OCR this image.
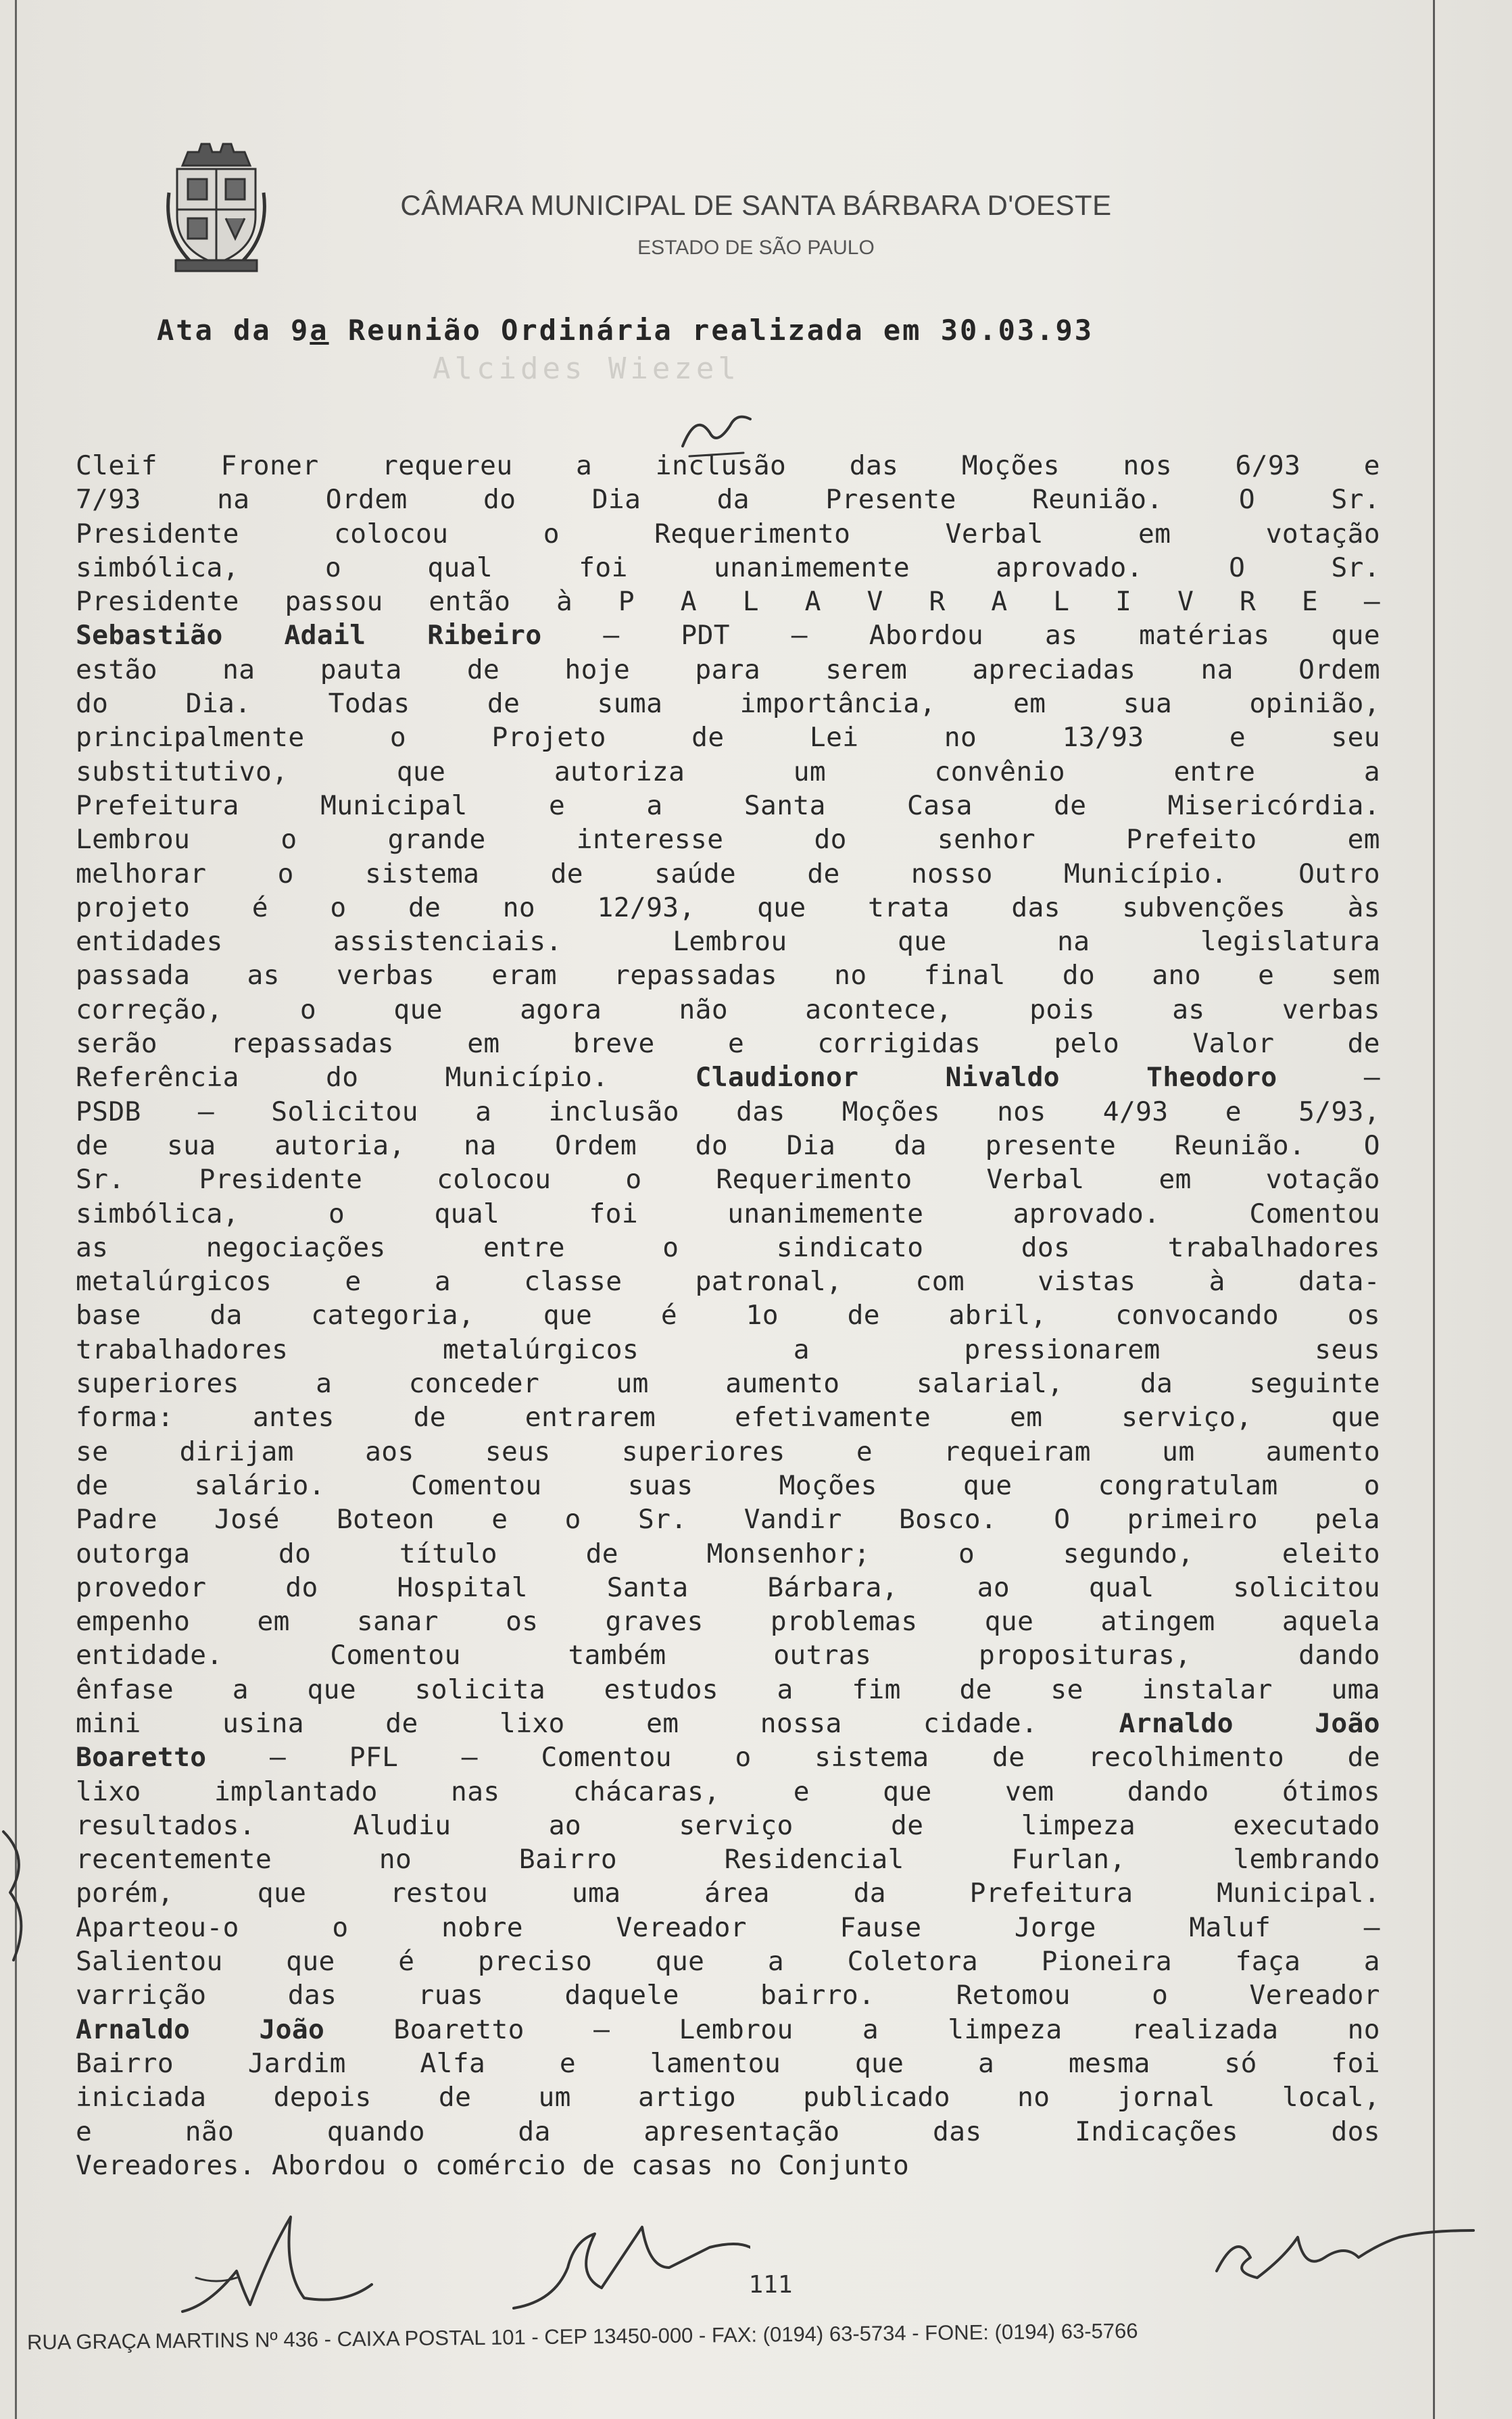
CÂMARA MUNICIPAL DE SANTA BÁRBARA D'OESTE
ESTADO DE SÃO PAULO
Alcides Wiezel
Ata da 9a Reunião Ordinária realizada em 30.03.93
Cleif Froner requereu a inclusão das Moções nos 6/93 e
7/93 na Ordem do Dia da Presente Reunião. O Sr.
Presidente colocou o Requerimento Verbal em votação
simbólica, o qual foi unanimemente aprovado. O Sr.
Presidente passou então à P A L A V R A L I V R E –
Sebastião Adail Ribeiro – PDT – Abordou as matérias que
estão na pauta de hoje para serem apreciadas na Ordem
do Dia. Todas de suma importância, em sua opinião,
principalmente o Projeto de Lei no 13/93 e seu
substitutivo, que autoriza um convênio entre a
Prefeitura Municipal e a Santa Casa de Misericórdia.
Lembrou o grande interesse do senhor Prefeito em
melhorar o sistema de saúde de nosso Município. Outro
projeto é o de no 12/93, que trata das subvenções às
entidades assistenciais. Lembrou que na legislatura
passada as verbas eram repassadas no final do ano e sem
correção, o que agora não acontece, pois as verbas
serão repassadas em breve e corrigidas pelo Valor de
Referência do Município. Claudionor Nivaldo Theodoro –
PSDB – Solicitou a inclusão das Moções nos 4/93 e 5/93,
de sua autoria, na Ordem do Dia da presente Reunião. O
Sr. Presidente colocou o Requerimento Verbal em votação
simbólica, o qual foi unanimemente aprovado. Comentou
as negociações entre o sindicato dos trabalhadores
metalúrgicos e a classe patronal, com vistas à data-
base da categoria, que é 1o de abril, convocando os
trabalhadores metalúrgicos a pressionarem seus
superiores a conceder um aumento salarial, da seguinte
forma: antes de entrarem efetivamente em serviço, que
se dirijam aos seus superiores e requeiram um aumento
de salário. Comentou suas Moções que congratulam o
Padre José Boteon e o Sr. Vandir Bosco. O primeiro pela
outorga do título de Monsenhor; o segundo, eleito
provedor do Hospital Santa Bárbara, ao qual solicitou
empenho em sanar os graves problemas que atingem aquela
entidade. Comentou também outras proposituras, dando
ênfase a que solicita estudos a fim de se instalar uma
mini usina de lixo em nossa cidade. Arnaldo João
Boaretto – PFL – Comentou o sistema de recolhimento de
lixo implantado nas chácaras, e que vem dando ótimos
resultados. Aludiu ao serviço de limpeza executado
recentemente no Bairro Residencial Furlan, lembrando
porém, que restou uma área da Prefeitura Municipal.
Aparteou-o o nobre Vereador Fause Jorge Maluf –
Salientou que é preciso que a Coletora Pioneira faça a
varrição das ruas daquele bairro. Retomou o Vereador
Arnaldo João Boaretto – Lembrou a limpeza realizada no
Bairro Jardim Alfa e lamentou que a mesma só foi
iniciada depois de um artigo publicado no jornal local,
e não quando da apresentação das Indicações dos
Vereadores. Abordou o comércio de casas no Conjunto
111
RUA GRAÇA MARTINS Nº 436 - CAIXA POSTAL 101 - CEP 13450-000 - FAX: (0194) 63-5734 - FONE: (0194) 63-5766
